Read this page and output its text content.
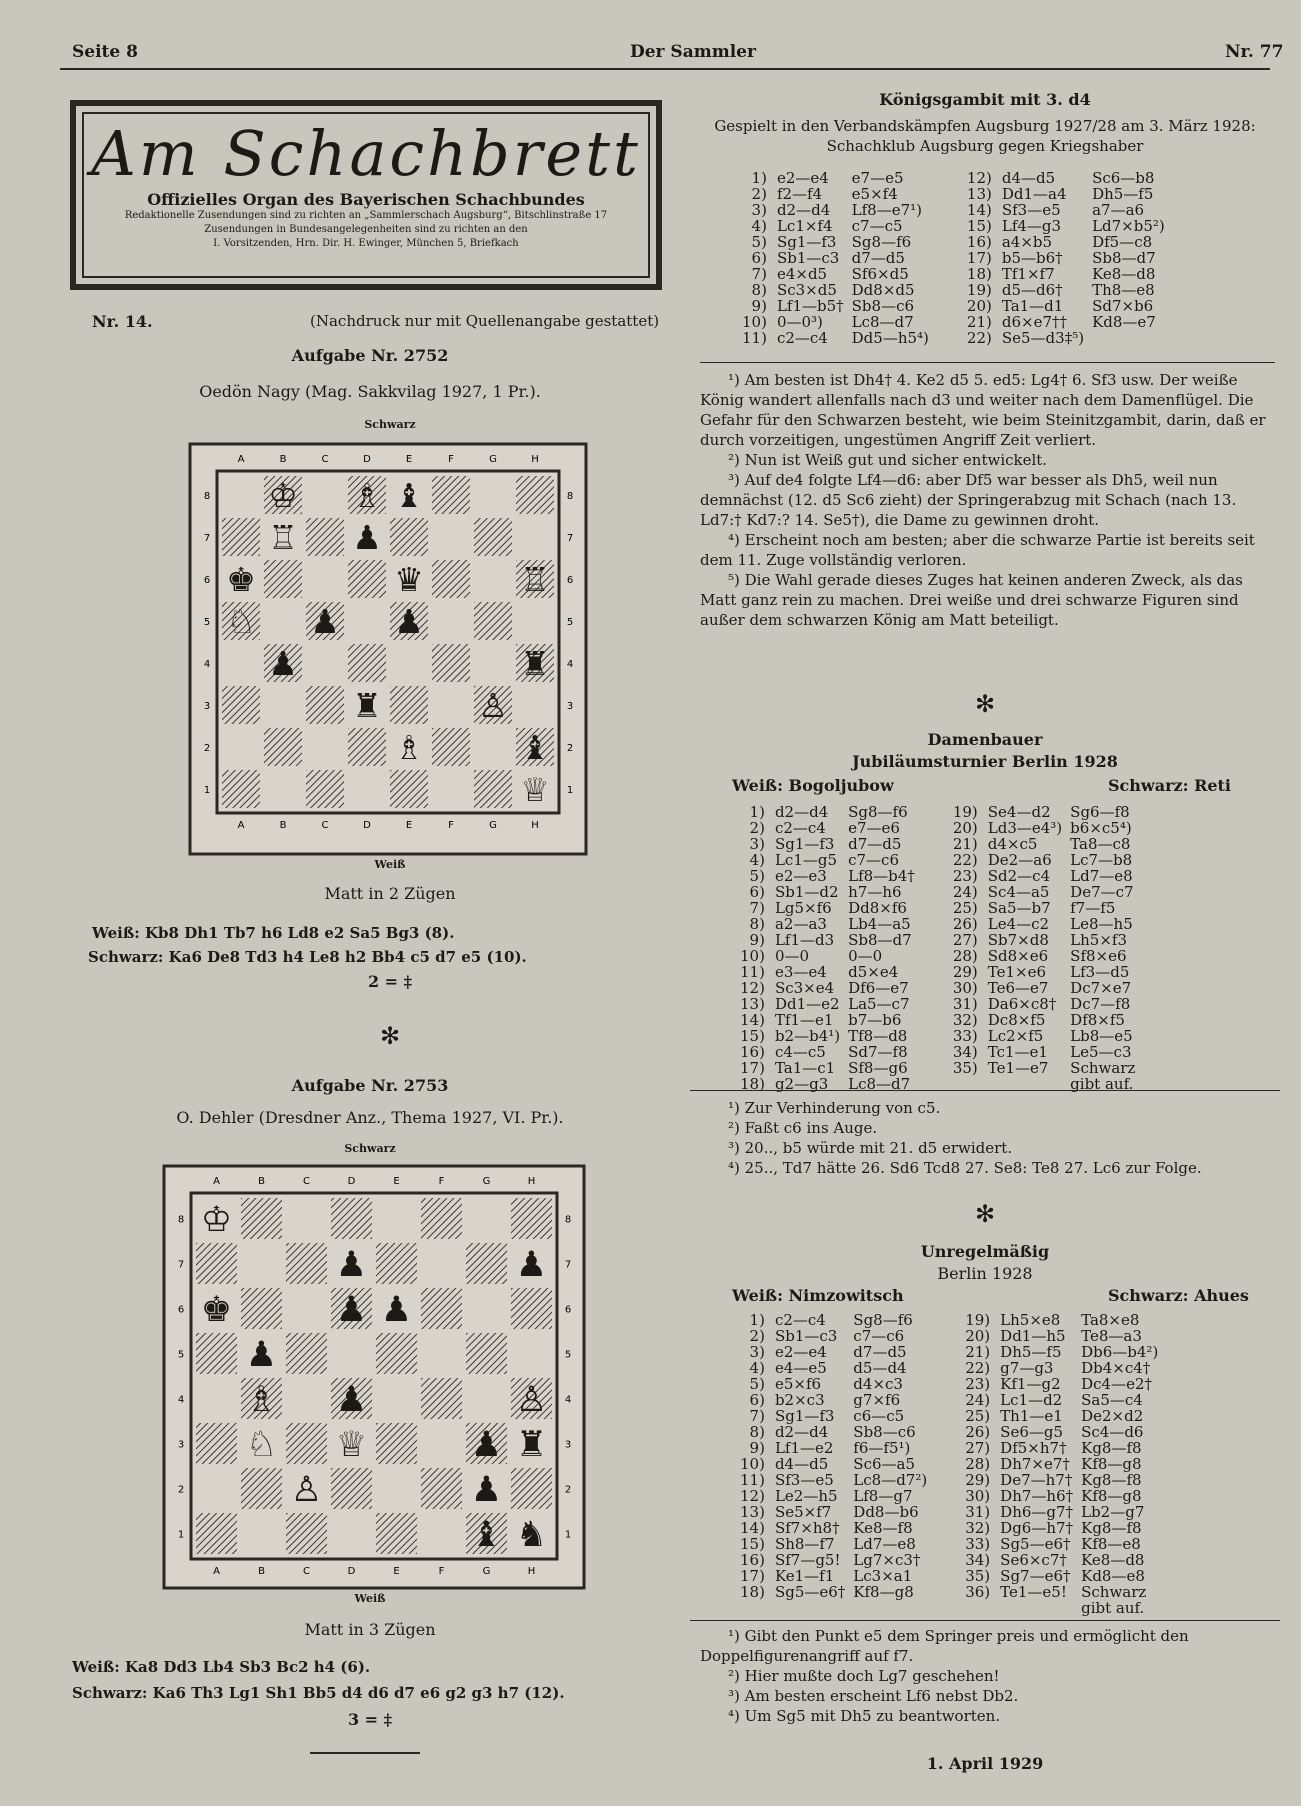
Seite 8	Der Sammler	Nr. 77
Am Schachbrett
Offizielles Organ des Bayerischen Schachbundes
Redaktionelle Zusendungen sind zu richten an „Sammlerschach Augsburg“, Bitschlinstraße 17
Zusendungen in Bundesangelegenheiten sind zu richten an den
I. Vorsitzenden, Hrn. Dir. H. Ewinger, München 5, Briefkach
Nr. 14.	(Nachdruck nur mit Quellenangabe gestattet)
Aufgabe Nr. 2752
Oedön Nagy (Mag. Sakkvilag 1927, 1 Pr.).
Schwarz
A
A
B
B
C
C
D
D
E
E
F
F
G
G
H
H
8	8
7	7
6	6
5	5
4	4
3	3
2	2
1	1
♔
♕
♖
♖
♗
♗
♘
♙
♚	♛
♜
♜
♝
♝
♟
♟
♟
♟
Weiß
Matt in 2 Zügen
Weiß: Kb8 Dh1 Tb7 h6 Ld8 e2 Sa5 Bg3 (8).
Schwarz: Ka6 De8 Td3 h4 Le8 h2 Bb4 c5 d7 e5 (10).
2 = ‡
✻
Aufgabe Nr. 2753
O. Dehler (Dresdner Anz., Thema 1927, VI. Pr.).
Schwarz
A
A
B
B
C
C
D
D
E
E
F
F
G
G
H
H
8	8
7	7
6	6
5	5
4	4
3	3
2	2
1	1
♔
♕
♗
♘
♙
♙
♚
♜
♝ ♞
♟
♟
♟
♟
♟
♟
♟
♟
Weiß
Matt in 3 Zügen
Weiß: Ka8 Dd3 Lb4 Sb3 Bc2 h4 (6).
Schwarz: Ka6 Th3 Lg1 Sh1 Bb5 d4 d6 d7 e6 g2 g3 h7 (12).
3 = ‡
Königsgambit mit 3. d4
Gespielt in den Verbandskämpfen Augsburg 1927/28 am 3. März 1928: Schachklub Augsburg gegen Kriegshaber
1)	e2—e4	e7—e5	12)	d4—d5	Sc6—b8
2)	f2—f4	e5×f4	13)	Dd1—a4	Dh5—f5
3)	d2—d4	Lf8—e7¹)	14)	Sf3—e5	a7—a6
4)	Lc1×f4	c7—c5	15)	Lf4—g3	Ld7×b5²)
5)	Sg1—f3	Sg8—f6	16)	a4×b5	Df5—c8
6)	Sb1—c3	d7—d5	17)	b5—b6†	Sb8—d7
7)	e4×d5	Sf6×d5	18)	Tf1×f7	Ke8—d8
8)	Sc3×d5	Dd8×d5	19)	d5—d6†	Th8—e8
9)	Lf1—b5†	Sb8—c6	20)	Ta1—d1	Sd7×b6
10)	0—0³)	Lc8—d7	21)	d6×e7††	Kd8—e7
11)	c2—c4	Dd5—h5⁴)	22)	Se5—d3‡⁵)	

¹) Am besten ist Dh4† 4. Ke2 d5 5. ed5: Lg4† 6. Sf3 usw. Der weiße König wandert allenfalls nach d3 und weiter nach dem Damenflügel. Die Gefahr für den Schwarzen besteht, wie beim Steinitzgambit, darin, daß er durch vorzeitigen, ungestümen Angriff Zeit verliert.

²) Nun ist Weiß gut und sicher entwickelt.

³) Auf de4 folgte Lf4—d6: aber Df5 war besser als Dh5, weil nun demnächst (12. d5 Sc6 zieht) der Springerabzug mit Schach (nach 13. Ld7:† Kd7:? 14. Se5†), die Dame zu gewinnen droht.

⁴) Erscheint noch am besten; aber die schwarze Partie ist bereits seit dem 11. Zuge vollständig verloren.

⁵) Die Wahl gerade dieses Zuges hat keinen anderen Zweck, als das Matt ganz rein zu machen. Drei weiße und drei schwarze Figuren sind außer dem schwarzen König am Matt beteiligt.

✻
Damenbauer
Jubiläumsturnier Berlin 1928
Weiß: Bogoljubow	Schwarz: Reti
1)	d2—d4	Sg8—f6	19)	Se4—d2	Sg6—f8
2)	c2—c4	e7—e6	20)	Ld3—e4³)	b6×c5⁴)
3)	Sg1—f3	d7—d5	21)	d4×c5	Ta8—c8
4)	Lc1—g5	c7—c6	22)	De2—a6	Lc7—b8
5)	e2—e3	Lf8—b4†	23)	Sd2—c4	Ld7—e8
6)	Sb1—d2	h7—h6	24)	Sc4—a5	De7—c7
7)	Lg5×f6	Dd8×f6	25)	Sa5—b7	f7—f5
8)	a2—a3	Lb4—a5	26)	Le4—c2	Le8—h5
9)	Lf1—d3	Sb8—d7	27)	Sb7×d8	Lh5×f3
10)	0—0	0—0	28)	Sd8×e6	Sf8×e6
11)	e3—e4	d5×e4	29)	Te1×e6	Lf3—d5
12)	Sc3×e4	Df6—e7	30)	Te6—e7	Dc7×e7
13)	Dd1—e2	La5—c7	31)	Da6×c8†	Dc7—f8
14)	Tf1—e1	b7—b6	32)	Dc8×f5	Df8×f5
15)	b2—b4¹)	Tf8—d8	33)	Lc2×f5	Lb8—e5
16)	c4—c5	Sd7—f8	34)	Tc1—e1	Le5—c3
17)	Ta1—c1	Sf8—g6	35)	Te1—e7	Schwarz
18)	g2—g3	Lc8—d7			gibt auf.

¹) Zur Verhinderung von c5.

²) Faßt c6 ins Auge.

³) 20.., b5 würde mit 21. d5 erwidert.

⁴) 25.., Td7 hätte 26. Sd6 Tcd8 27. Se8: Te8 27. Lc6 zur Folge.

✻
Unregelmäßig
Berlin 1928
Weiß: Nimzowitsch	Schwarz: Ahues
1)	c2—c4	Sg8—f6	19)	Lh5×e8	Ta8×e8
2)	Sb1—c3	c7—c6	20)	Dd1—h5	Te8—a3
3)	e2—e4	d7—d5	21)	Dh5—f5	Db6—b4²)
4)	e4—e5	d5—d4	22)	g7—g3	Db4×c4†
5)	e5×f6	d4×c3	23)	Kf1—g2	Dc4—e2†
6)	b2×c3	g7×f6	24)	Lc1—d2	Sa5—c4
7)	Sg1—f3	c6—c5	25)	Th1—e1	De2×d2
8)	d2—d4	Sb8—c6	26)	Se6—g5	Sc4—d6
9)	Lf1—e2	f6—f5¹)	27)	Df5×h7†	Kg8—f8
10)	d4—d5	Sc6—a5	28)	Dh7×e7†	Kf8—g8
11)	Sf3—e5	Lc8—d7²)	29)	De7—h7†	Kg8—f8
12)	Le2—h5	Lf8—g7	30)	Dh7—h6†	Kf8—g8
13)	Se5×f7	Dd8—b6	31)	Dh6—g7†	Lb2—g7
14)	Sf7×h8†	Ke8—f8	32)	Dg6—h7†	Kg8—f8
15)	Sh8—f7	Ld7—e8	33)	Sg5—e6†	Kf8—e8
16)	Sf7—g5!	Lg7×c3†	34)	Se6×c7†	Ke8—d8
17)	Ke1—f1	Lc3×a1	35)	Sg7—e6†	Kd8—e8
18)	Sg5—e6†	Kf8—g8	36)	Te1—e5!	Schwarz
					gibt auf.

¹) Gibt den Punkt e5 dem Springer preis und ermöglicht den Doppelfigurenangriff auf f7.

²) Hier mußte doch Lg7 geschehen!

³) Am besten erscheint Lf6 nebst Db2.

⁴) Um Sg5 mit Dh5 zu beantworten.

1. April 1929
